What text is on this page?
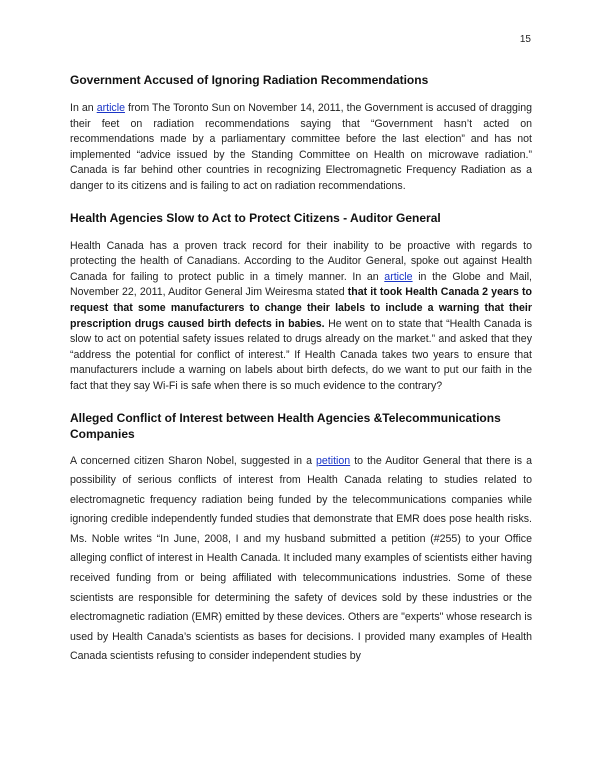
15
Government Accused of Ignoring Radiation Recommendations

In an article from The Toronto Sun on November 14, 2011, the Government is accused of dragging their feet on radiation recommendations saying that “Government hasn’t acted on recommendations made by a parliamentary committee before the last election” and has not implemented “advice issued by the Standing Committee on Health on microwave radiation.” Canada is far behind other countries in recognizing Electromagnetic Frequency Radiation as a danger to its citizens and is failing to act on radiation recommendations.

Health Agencies Slow to Act to Protect Citizens - Auditor General

Health Canada has a proven track record for their inability to be proactive with regards to protecting the health of Canadians. According to the Auditor General, spoke out against Health Canada for failing to protect public in a timely manner. In an article in the Globe and Mail, November 22, 2011, Auditor General Jim Weiresma stated that it took Health Canada 2 years to request that some manufacturers to change their labels to include a warning that their prescription drugs caused birth defects in babies. He went on to state that “Health Canada is slow to act on potential safety issues related to drugs already on the market.” and asked that they “address the potential for conflict of interest.” If Health Canada takes two years to ensure that manufacturers include a warning on labels about birth defects, do we want to put our faith in the fact that they say Wi-Fi is safe when there is so much evidence to the contrary?

Alleged Conflict of Interest between Health Agencies &Telecommunications Companies

A concerned citizen Sharon Nobel, suggested in a petition to the Auditor General that there is a possibility of serious conflicts of interest from Health Canada relating to studies related to electromagnetic frequency radiation being funded by the telecommunications companies while ignoring credible independently funded studies that demonstrate that EMR does pose health risks. Ms. Noble writes “In June, 2008, I and my husband submitted a petition (#255) to your Office alleging conflict of interest in Health Canada. It included many examples of scientists either having received funding from or being affiliated with telecommunications industries. Some of these scientists are responsible for determining the safety of devices sold by these industries or the electromagnetic radiation (EMR) emitted by these devices. Others are "experts" whose research is used by Health Canada’s scientists as bases for decisions. I provided many examples of Health Canada scientists refusing to consider independent studies by
